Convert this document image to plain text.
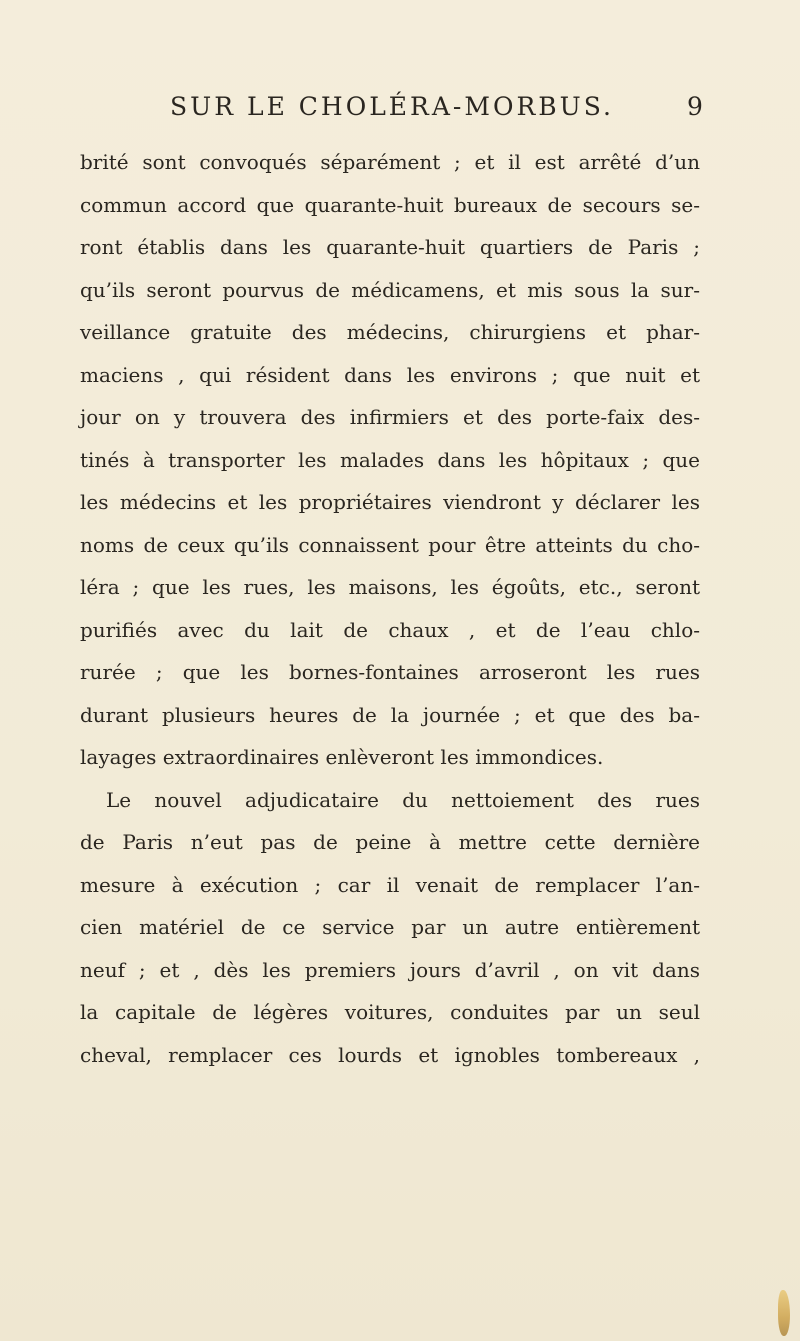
SUR LE CHOLÉRA-MORBUS.	9
brité sont convoqués séparément ; et il est arrêté d’un
commun accord que quarante-huit bureaux de secours se-
ront établis dans les quarante-huit quartiers de Paris ;
qu’ils seront pourvus de médicamens, et mis sous la sur-
veillance gratuite des médecins, chirurgiens et phar-
maciens , qui résident dans les environs ; que nuit et
jour on y trouvera des infirmiers et des porte-faix des-
tinés à transporter les malades dans les hôpitaux ; que
les médecins et les propriétaires viendront y déclarer les
noms de ceux qu’ils connaissent pour être atteints du cho-
léra ; que les rues, les maisons, les égoûts, etc., seront
purifiés avec du lait de chaux , et de l’eau chlo-
rurée ; que les bornes-fontaines arroseront les rues
durant plusieurs heures de la journée ; et que des ba-
layages extraordinaires enlèveront les immondices.
Le nouvel adjudicataire du nettoiement des rues
de Paris n’eut pas de peine à mettre cette dernière
mesure à exécution ; car il venait de remplacer l’an-
cien matériel de ce service par un autre entièrement
neuf ; et , dès les premiers jours d’avril , on vit dans
la capitale de légères voitures, conduites par un seul
cheval, remplacer ces lourds et ignobles tombereaux ,
